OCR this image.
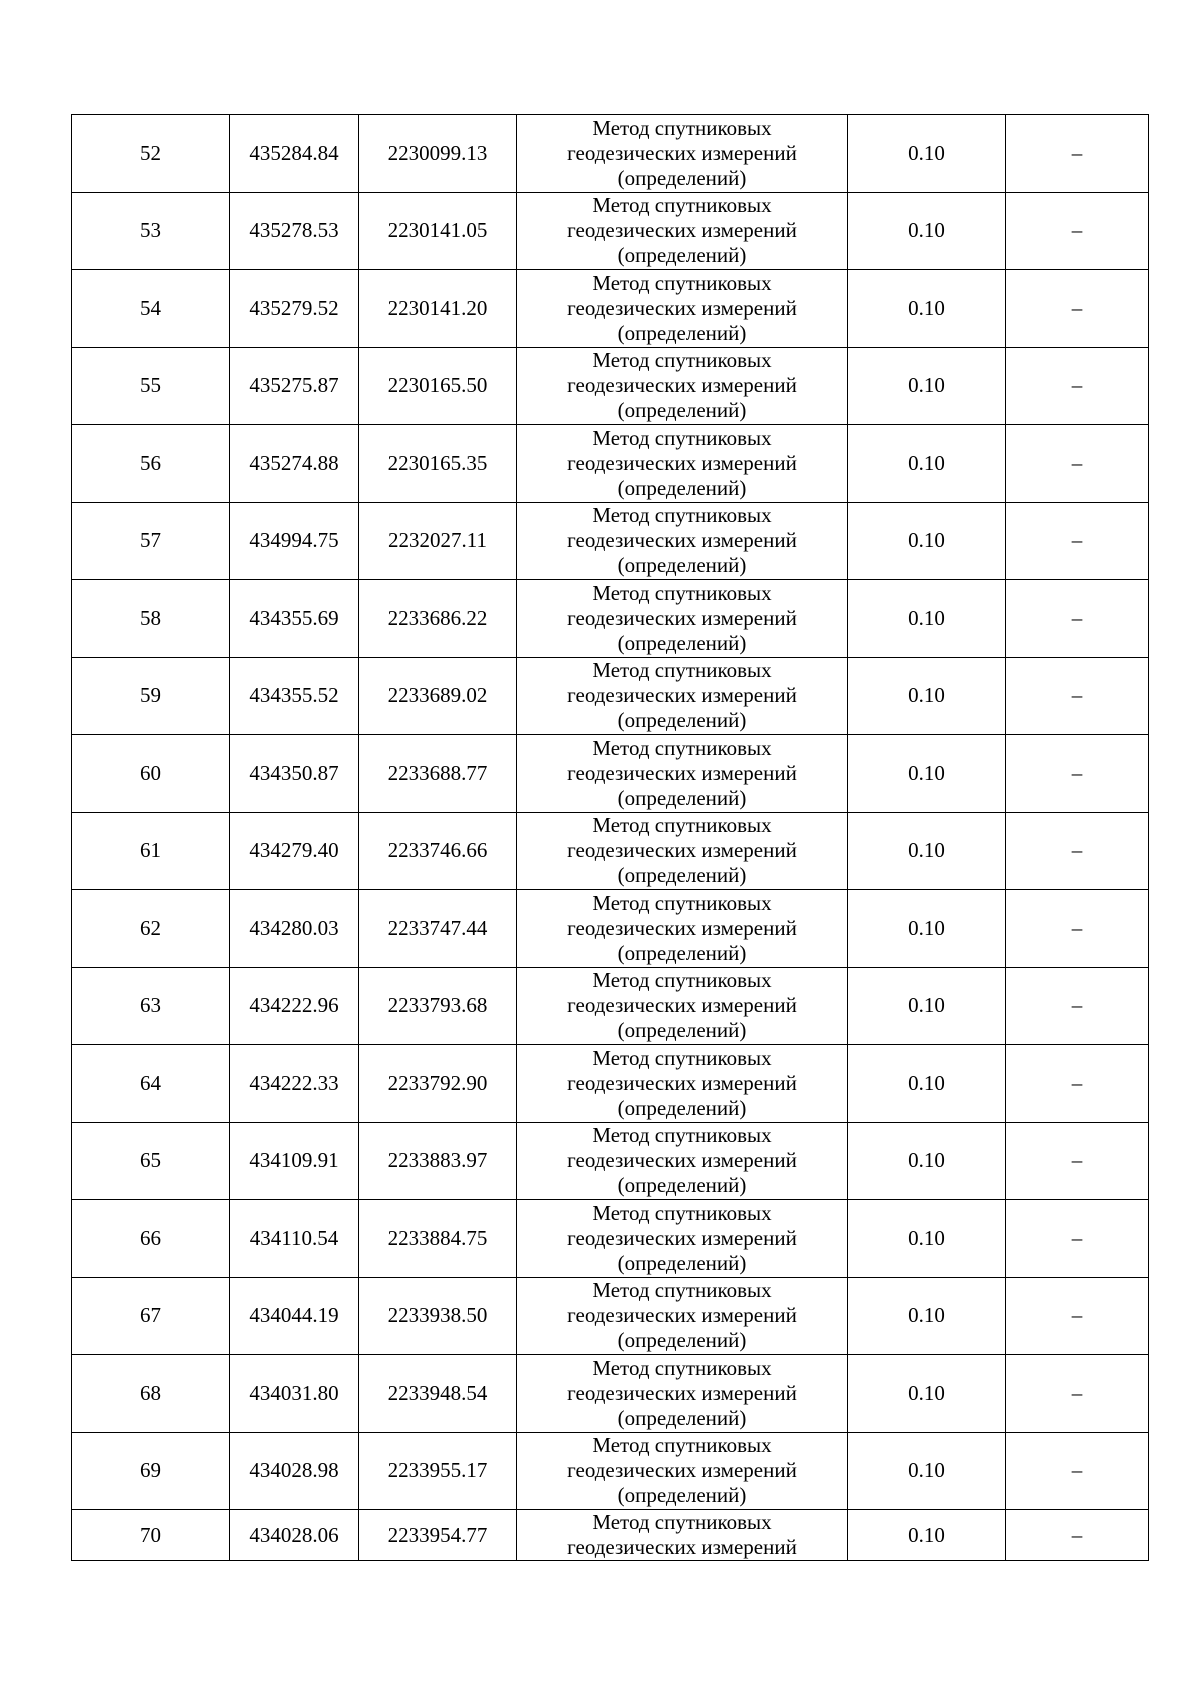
52	435284.84	2230099.13	Метод спутниковых
геодезических измерений
(определений)	0.10	–
53	435278.53	2230141.05	Метод спутниковых
геодезических измерений
(определений)	0.10	–
54	435279.52	2230141.20	Метод спутниковых
геодезических измерений
(определений)	0.10	–
55	435275.87	2230165.50	Метод спутниковых
геодезических измерений
(определений)	0.10	–
56	435274.88	2230165.35	Метод спутниковых
геодезических измерений
(определений)	0.10	–
57	434994.75	2232027.11	Метод спутниковых
геодезических измерений
(определений)	0.10	–
58	434355.69	2233686.22	Метод спутниковых
геодезических измерений
(определений)	0.10	–
59	434355.52	2233689.02	Метод спутниковых
геодезических измерений
(определений)	0.10	–
60	434350.87	2233688.77	Метод спутниковых
геодезических измерений
(определений)	0.10	–
61	434279.40	2233746.66	Метод спутниковых
геодезических измерений
(определений)	0.10	–
62	434280.03	2233747.44	Метод спутниковых
геодезических измерений
(определений)	0.10	–
63	434222.96	2233793.68	Метод спутниковых
геодезических измерений
(определений)	0.10	–
64	434222.33	2233792.90	Метод спутниковых
геодезических измерений
(определений)	0.10	–
65	434109.91	2233883.97	Метод спутниковых
геодезических измерений
(определений)	0.10	–
66	434110.54	2233884.75	Метод спутниковых
геодезических измерений
(определений)	0.10	–
67	434044.19	2233938.50	Метод спутниковых
геодезических измерений
(определений)	0.10	–
68	434031.80	2233948.54	Метод спутниковых
геодезических измерений
(определений)	0.10	–
69	434028.98	2233955.17	Метод спутниковых
геодезических измерений
(определений)	0.10	–
70	434028.06	2233954.77	Метод спутниковых
геодезических измерений	0.10	–
